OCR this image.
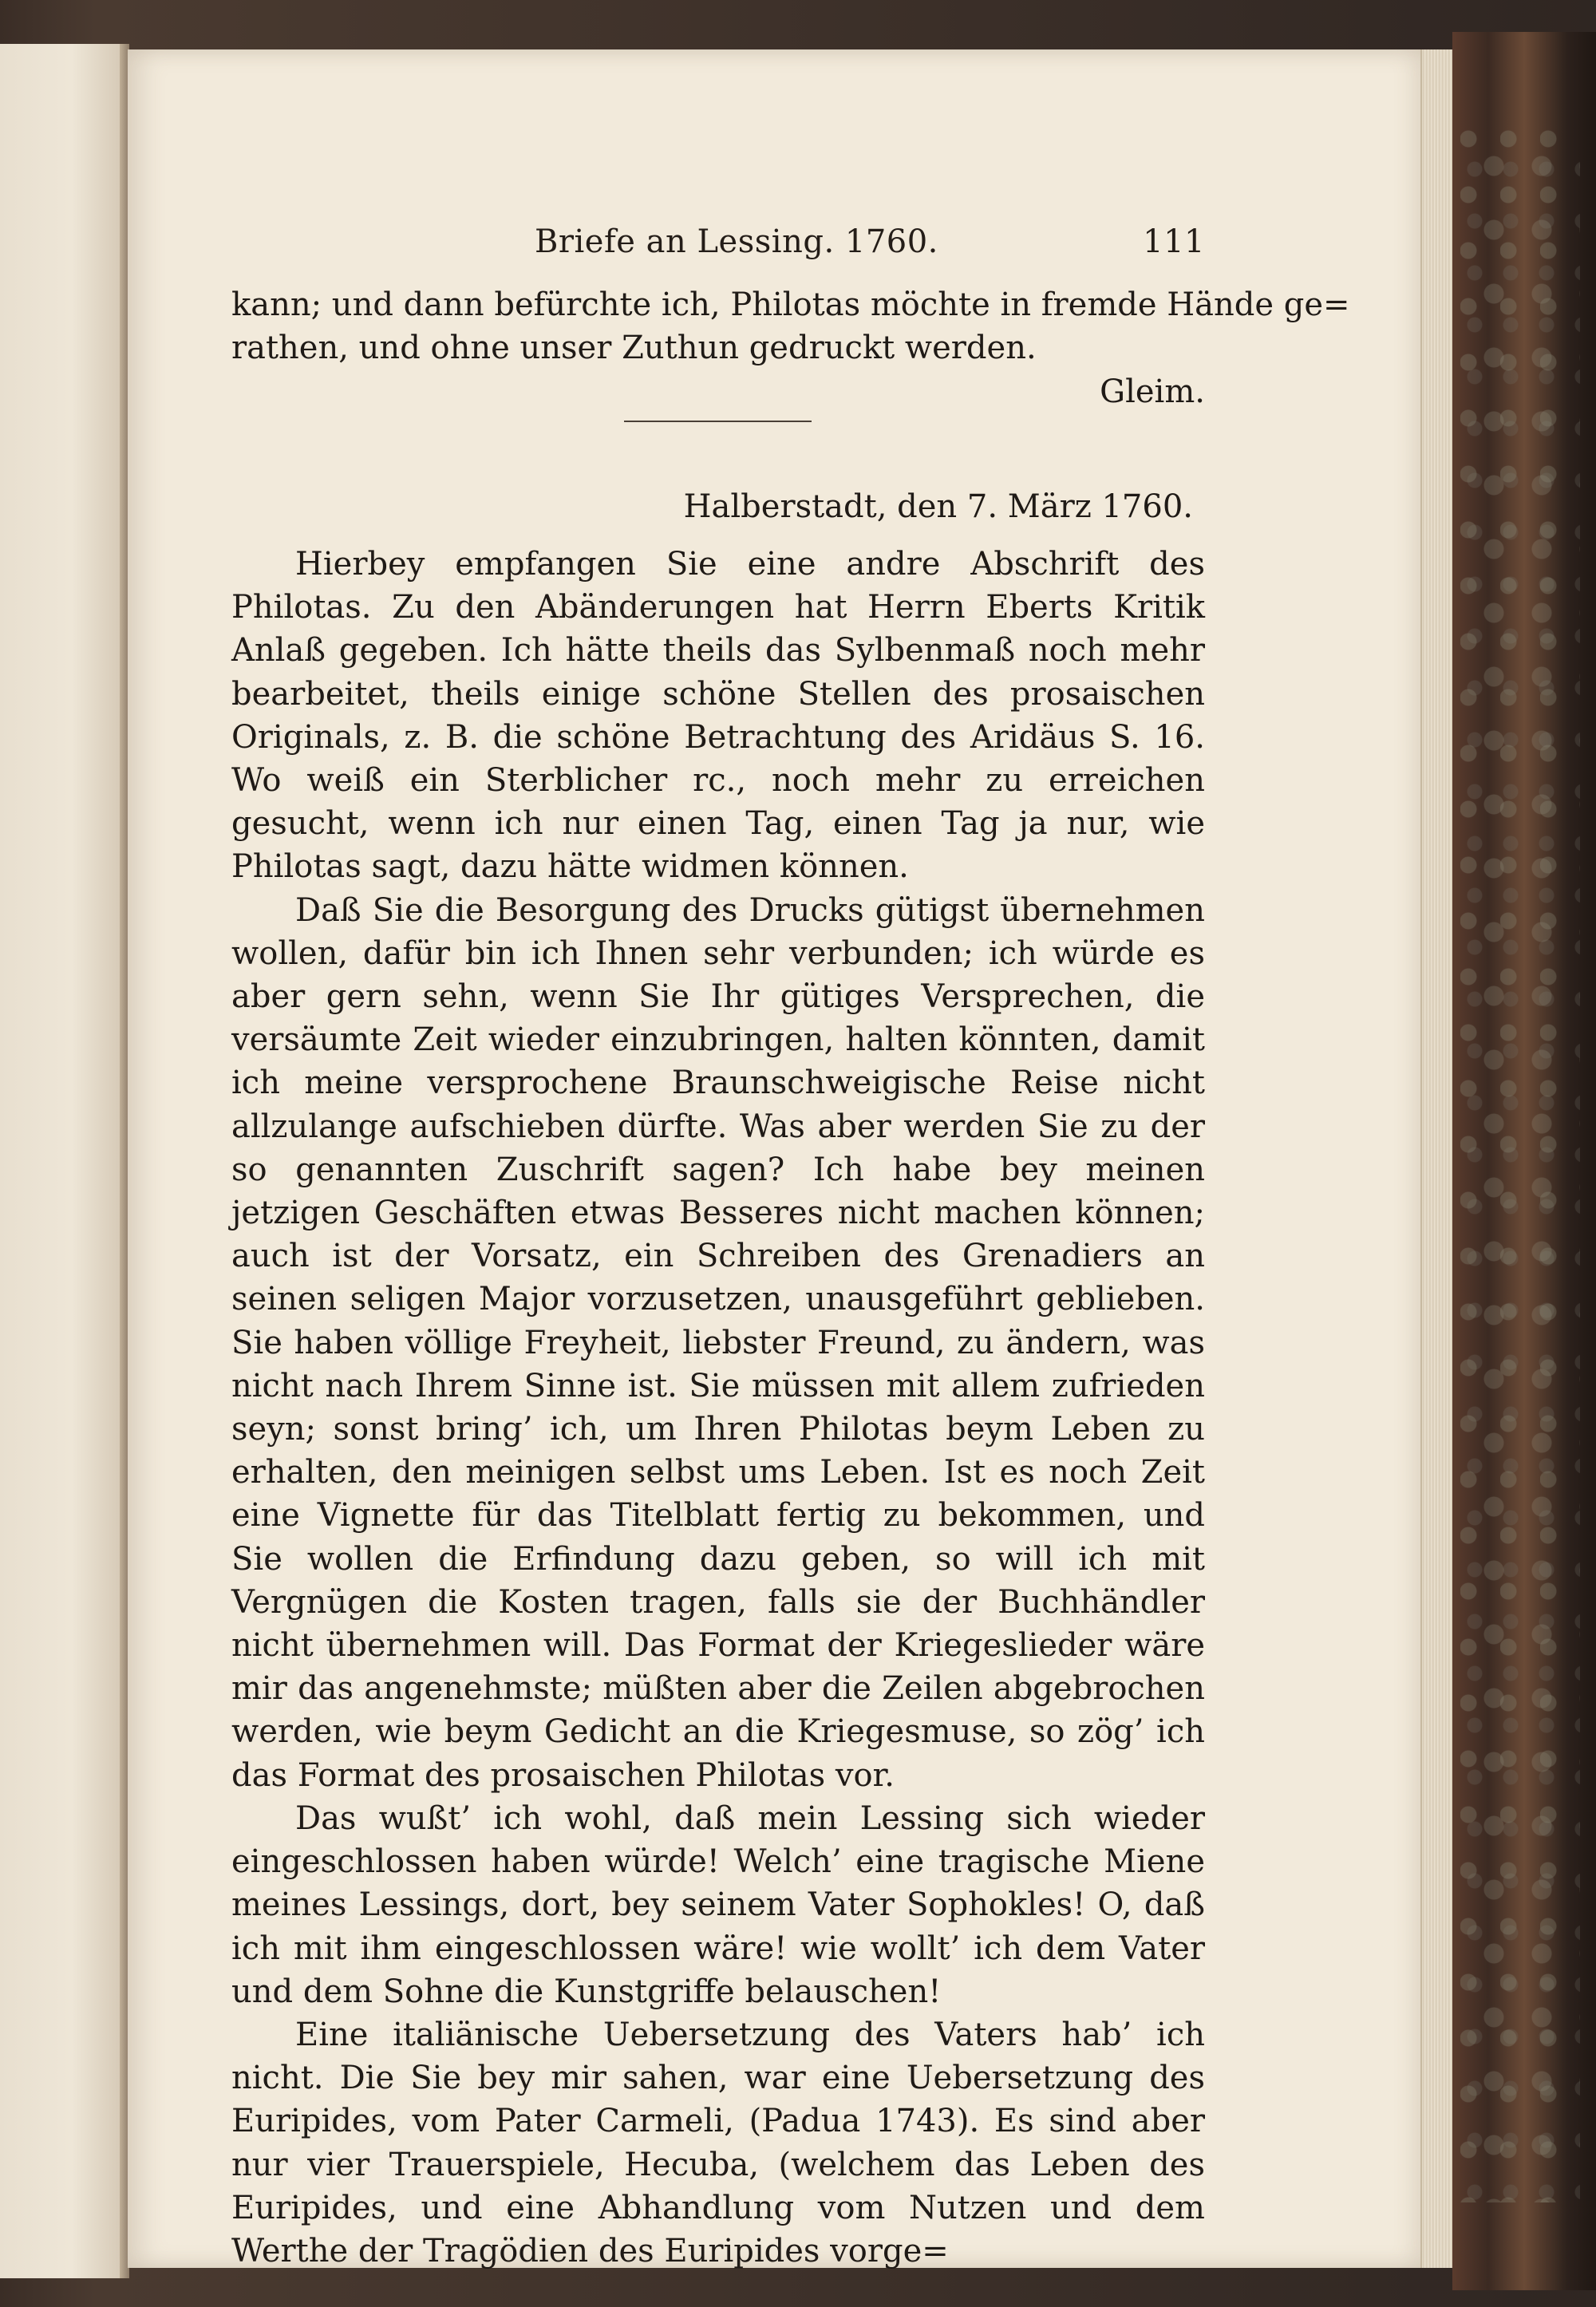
Briefe an Lessing. 1760.	111
kann; und dann befürchte ich, Philotas möchte in fremde Hände ge=
rathen, und ohne unser Zuthun gedruckt werden.
Gleim.
Halberstadt, den 7. März 1760.

Hierbey empfangen Sie eine andre Abschrift des Philotas. Zu den Abänderungen hat Herrn Eberts Kritik Anlaß gegeben. Ich hätte theils das Sylbenmaß noch mehr bearbeitet, theils einige schöne Stellen des prosaischen Originals, z. B. die schöne Betrachtung des Aridäus S. 16. Wo weiß ein Sterblicher rc., noch mehr zu erreichen gesucht, wenn ich nur einen Tag, einen Tag ja nur, wie Philotas sagt, dazu hätte widmen können.

Daß Sie die Besorgung des Drucks gütigst übernehmen wollen, dafür bin ich Ihnen sehr verbunden; ich würde es aber gern sehn, wenn Sie Ihr gütiges Versprechen, die versäumte Zeit wieder einzubringen, halten könnten, damit ich meine versprochene Braunschweigische Reise nicht allzulange aufschieben dürfte. Was aber werden Sie zu der so genannten Zuschrift sagen? Ich habe bey meinen jetzigen Geschäften etwas Besseres nicht machen können; auch ist der Vorsatz, ein Schreiben des Grenadiers an seinen seligen Major vorzusetzen, unausgeführt geblieben. Sie haben völlige Freyheit, liebster Freund, zu ändern, was nicht nach Ihrem Sinne ist. Sie müssen mit allem zufrieden seyn; sonst bring’ ich, um Ihren Philotas beym Leben zu erhalten, den meinigen selbst ums Leben. Ist es noch Zeit eine Vignette für das Titelblatt fertig zu bekommen, und Sie wollen die Erfindung dazu geben, so will ich mit Vergnügen die Kosten tragen, falls sie der Buchhändler nicht übernehmen will. Das Format der Kriegeslieder wäre mir das angenehmste; müßten aber die Zeilen abgebrochen werden, wie beym Gedicht an die Kriegesmuse, so zög’ ich das Format des prosaischen Philotas vor.

Das wußt’ ich wohl, daß mein Lessing sich wieder eingeschlossen haben würde! Welch’ eine tragische Miene meines Lessings, dort, bey seinem Vater Sophokles! O, daß ich mit ihm eingeschlossen wäre! wie wollt’ ich dem Vater und dem Sohne die Kunstgriffe belauschen!

Eine italiänische Uebersetzung des Vaters hab’ ich nicht. Die Sie bey mir sahen, war eine Uebersetzung des Euripides, vom Pater Carmeli, (Padua 1743). Es sind aber nur vier Trauerspiele, Hecuba, (welchem das Leben des Euripides, und eine Abhandlung vom Nutzen und dem Werthe der Tragödien des Euripides vorge=
